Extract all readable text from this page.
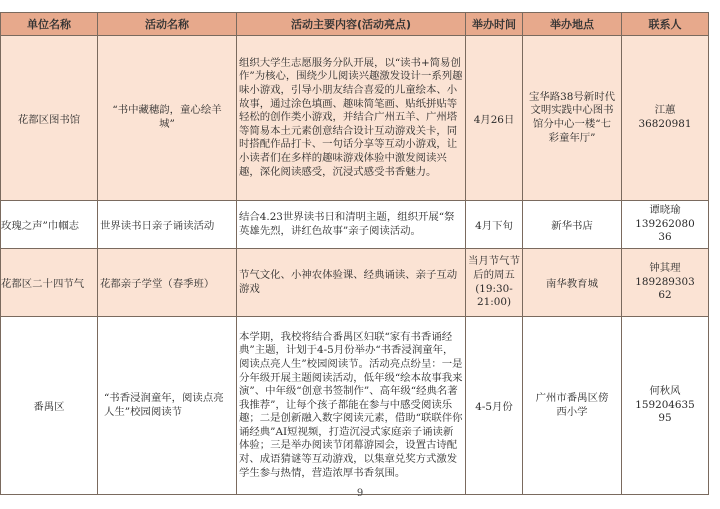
单位名称	活动名称	活动主要内容(活动亮点)	举办时间	举办地点	联系人
花都区图书馆	“书中藏穗韵，童心绘羊城”	组织大学生志愿服务分队开展，以“读书+简易创作”为核心，围绕少儿阅读兴趣激发设计一系列趣味小游戏，引导小朋友结合喜爱的儿童绘本、小故事，通过涂色填画、趣味简笔画、贴纸拼贴等轻松的创作类小游戏，并结合广州五羊、广州塔等简易本土元素创意结合设计互动游戏关卡，同时搭配作品打卡、一句话分享等互动小游戏，让小读者们在多样的趣味游戏体验中激发阅读兴趣，深化阅读感受，沉浸式感受书香魅力。	4月26日	宝华路38号新时代文明实践中心图书馆分中心一楼“七彩童年厅”	江蕙
36820981

玫瑰之声”巾帼志	世界读书日亲子诵读活动	结合4.23世界读书日和清明主题，组织开展“祭英雄先烈，讲红色故事”亲子阅读活动。	4月下旬	新华书店	谭晓瑜
139262080 36

花都区二十四节气	花都亲子学堂（春季班）	节气文化、小神农体验课、经典诵读、亲子互动游戏	当月节气节后的周五(19:30-21:00)	南华教育城	钟其理
189289303 62

番禺区	“书香浸润童年，阅读点亮人生”校园阅读节	本学期，我校将结合番禺区妇联“家有书香诵经典”主题，计划于4-5月份举办“书香浸润童年，阅读点亮人生”校园阅读节。活动亮点纷呈：一是分年级开展主题阅读活动，低年级“绘本故事我来演”、中年级“创意书签制作”、高年级“经典名著我推荐”，让每个孩子都能在参与中感受阅读乐趣；二是创新融入数字阅读元素，借助“联联伴你诵经典”AI短视频，打造沉浸式家庭亲子诵读新体验；三是举办阅读节闭幕游园会，设置古诗配对、成语猜谜等互动游戏，以集章兑奖方式激发学生参与热情，营造浓厚书香氛围。	4-5月份	广州市番禺区傍西小学	何秋风
159204635 95
9
